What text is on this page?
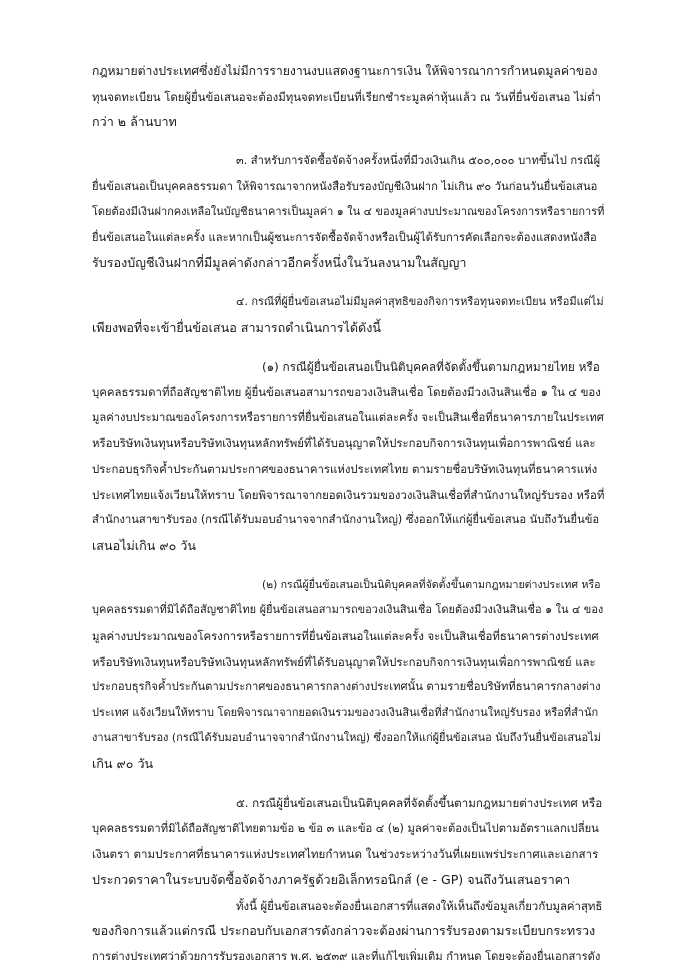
กฎหมายต่างประเทศซึ่งยังไม่มีการรายงานงบแสดงฐานะการเงิน ให้พิจารณาการกำหนดมูลค่าของ
ทุนจดทะเบียน โดยผู้ยื่นข้อเสนอจะต้องมีทุนจดทะเบียนที่เรียกชำระมูลค่าหุ้นแล้ว ณ วันที่ยื่นข้อเสนอ ไม่ต่ำ
กว่า ๒ ล้านบาท
๓. สำหรับการจัดซื้อจัดจ้างครั้งหนึ่งที่มีวงเงินเกิน ๕๐๐,๐๐๐ บาทขึ้นไป กรณีผู้
ยื่นข้อเสนอเป็นบุคคลธรรมดา ให้พิจารณาจากหนังสือรับรองบัญชีเงินฝาก ไม่เกิน ๙๐ วันก่อนวันยื่นข้อเสนอ
โดยต้องมีเงินฝากคงเหลือในบัญชีธนาคารเป็นมูลค่า ๑ ใน ๔ ของมูลค่างบประมาณของโครงการหรือรายการที่
ยื่นข้อเสนอในแต่ละครั้ง และหากเป็นผู้ชนะการจัดซื้อจัดจ้างหรือเป็นผู้ได้รับการคัดเลือกจะต้องแสดงหนังสือ
รับรองบัญชีเงินฝากที่มีมูลค่าดังกล่าวอีกครั้งหนึ่งในวันลงนามในสัญญา
๔. กรณีที่ผู้ยื่นข้อเสนอไม่มีมูลค่าสุทธิของกิจการหรือทุนจดทะเบียน หรือมีแต่ไม่
เพียงพอที่จะเข้ายื่นข้อเสนอ สามารถดำเนินการได้ดังนี้
(๑) กรณีผู้ยื่นข้อเสนอเป็นนิติบุคคลที่จัดตั้งขึ้นตามกฎหมายไทย หรือ
บุคคลธรรมดาที่ถือสัญชาติไทย ผู้ยื่นข้อเสนอสามารถขอวงเงินสินเชื่อ โดยต้องมีวงเงินสินเชื่อ ๑ ใน ๔ ของ
มูลค่างบประมาณของโครงการหรือรายการที่ยื่นข้อเสนอในแต่ละครั้ง จะเป็นสินเชื่อที่ธนาคารภายในประเทศ
หรือบริษัทเงินทุนหรือบริษัทเงินทุนหลักทรัพย์ที่ได้รับอนุญาตให้ประกอบกิจการเงินทุนเพื่อการพาณิชย์ และ
ประกอบธุรกิจค้ำประกันตามประกาศของธนาคารแห่งประเทศไทย ตามรายชื่อบริษัทเงินทุนที่ธนาคารแห่ง
ประเทศไทยแจ้งเวียนให้ทราบ โดยพิจารณาจากยอดเงินรวมของวงเงินสินเชื่อที่สำนักงานใหญ่รับรอง หรือที่
สำนักงานสาขารับรอง (กรณีได้รับมอบอำนาจจากสำนักงานใหญ่) ซึ่งออกให้แก่ผู้ยื่นข้อเสนอ นับถึงวันยื่นข้อ
เสนอไม่เกิน ๙๐ วัน
(๒) กรณีผู้ยื่นข้อเสนอเป็นนิติบุคคลที่จัดตั้งขึ้นตามกฎหมายต่างประเทศ หรือ
บุคคลธรรมดาที่มิได้ถือสัญชาติไทย ผู้ยื่นข้อเสนอสามารถขอวงเงินสินเชื่อ โดยต้องมีวงเงินสินเชื่อ ๑ ใน ๔ ของ
มูลค่างบประมาณของโครงการหรือรายการที่ยื่นข้อเสนอในแต่ละครั้ง จะเป็นสินเชื่อที่ธนาคารต่างประเทศ
หรือบริษัทเงินทุนหรือบริษัทเงินทุนหลักทรัพย์ที่ได้รับอนุญาตให้ประกอบกิจการเงินทุนเพื่อการพาณิชย์ และ
ประกอบธุรกิจค้ำประกันตามประกาศของธนาคารกลางต่างประเทศนั้น ตามรายชื่อบริษัทที่ธนาคารกลางต่าง
ประเทศ แจ้งเวียนให้ทราบ โดยพิจารณาจากยอดเงินรวมของวงเงินสินเชื่อที่สำนักงานใหญ่รับรอง หรือที่สำนัก
งานสาขารับรอง (กรณีได้รับมอบอำนาจจากสำนักงานใหญ่) ซึ่งออกให้แก่ผู้ยื่นข้อเสนอ นับถึงวันยื่นข้อเสนอไม่
เกิน ๙๐ วัน
๕. กรณีผู้ยื่นข้อเสนอเป็นนิติบุคคลที่จัดตั้งขึ้นตามกฎหมายต่างประเทศ หรือ
บุคคลธรรมดาที่มิได้ถือสัญชาติไทยตามข้อ ๒ ข้อ ๓ และข้อ ๔ (๒) มูลค่าจะต้องเป็นไปตามอัตราแลกเปลี่ยน
เงินตรา ตามประกาศที่ธนาคารแห่งประเทศไทยกำหนด ในช่วงระหว่างวันที่เผยแพร่ประกาศและเอกสาร
ประกวดราคาในระบบจัดซื้อจัดจ้างภาครัฐด้วยอิเล็กทรอนิกส์ (e - GP) จนถึงวันเสนอราคา
ทั้งนี้ ผู้ยื่นข้อเสนอจะต้องยื่นเอกสารที่แสดงให้เห็นถึงข้อมูลเกี่ยวกับมูลค่าสุทธิ
ของกิจการแล้วแต่กรณี ประกอบกับเอกสารดังกล่าวจะต้องผ่านการรับรองตามระเบียบกระทรวง
การต่างประเทศว่าด้วยการรับรองเอกสาร พ.ศ. ๒๕๓๙ และที่แก้ไขเพิ่มเติม กำหนด โดยจะต้องยื่นเอกสารดัง
